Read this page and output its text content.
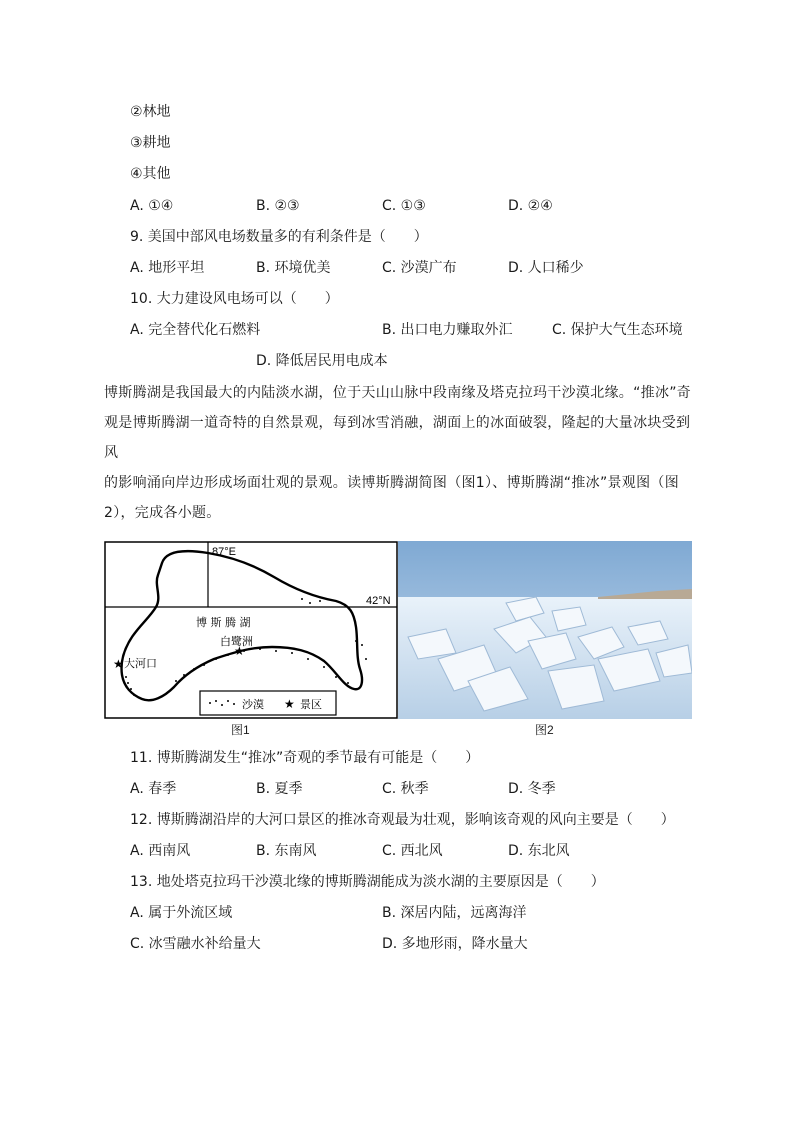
②林地
③耕地
④其他
A. ①④	B. ②③	C. ①③	D. ②④
9. 美国中部风电场数量多的有利条件是（　　）
A. 地形平坦	B. 环境优美	C. 沙漠广布	D. 人口稀少
10. 大力建设风电场可以（　　）
A. 完全替代化石燃料	B. 出口电力赚取外汇	C. 保护大气生态环境
D. 降低居民用电成本
博斯腾湖是我国最大的内陆淡水湖，位于天山山脉中段南缘及塔克拉玛干沙漠北缘。“推冰”奇
观是博斯腾湖一道奇特的自然景观，每到冰雪消融，湖面上的冰面破裂，隆起的大量冰块受到风
的影响涌向岸边形成场面壮观的景观。读博斯腾湖简图（图1）、博斯腾湖“推冰”景观图（图
2），完成各小题。
★
★
87°E
42°N
博 斯 腾 湖
白鹭洲
大河口
沙漠 ★ 景区
图1	图2
11. 博斯腾湖发生“推冰”奇观的季节最有可能是（　　）
A. 春季	B. 夏季	C. 秋季	D. 冬季
12. 博斯腾湖沿岸的大河口景区的推冰奇观最为壮观，影响该奇观的风向主要是（　　）
A. 西南风	B. 东南风	C. 西北风	D. 东北风
13. 地处塔克拉玛干沙漠北缘的博斯腾湖能成为淡水湖的主要原因是（　　）
A. 属于外流区域	B. 深居内陆，远离海洋
C. 冰雪融水补给量大	D. 多地形雨，降水量大
